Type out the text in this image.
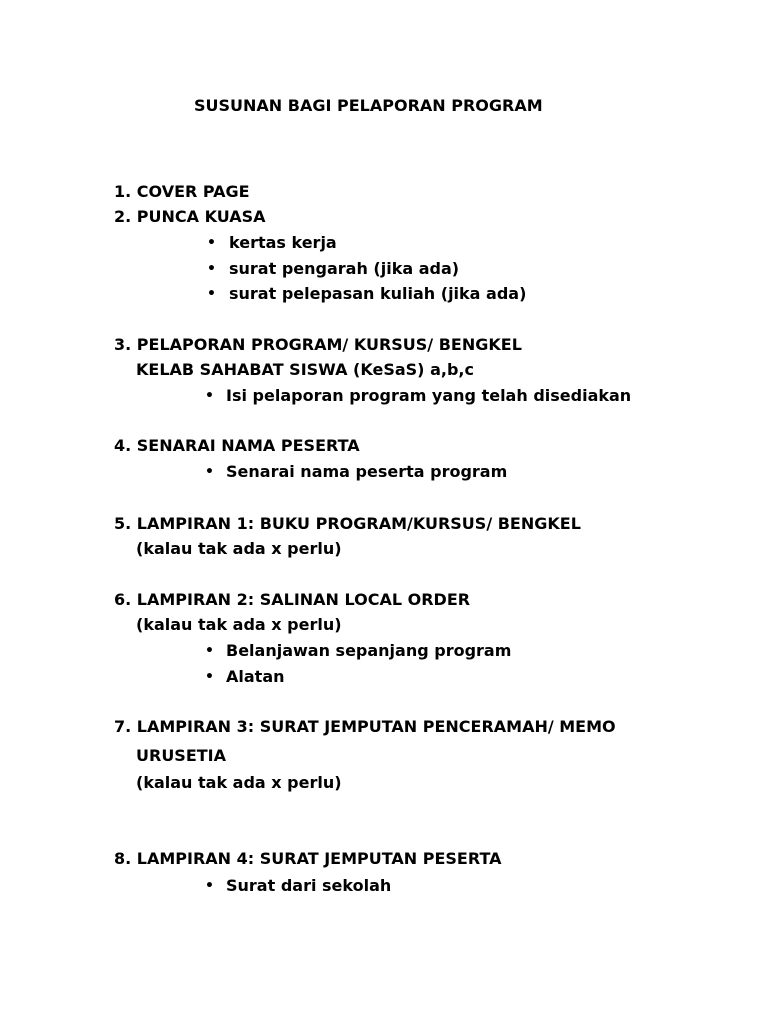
SUSUNAN BAGI PELAPORAN PROGRAM
1. COVER PAGE
2. PUNCA KUASA
• kertas kerja
• surat pengarah (jika ada)
• surat pelepasan kuliah (jika ada)
3. PELAPORAN PROGRAM/ KURSUS/ BENGKEL
KELAB SAHABAT SISWA (KeSaS) a,b,c
• Isi pelaporan program yang telah disediakan
4. SENARAI NAMA PESERTA
• Senarai nama peserta program
5. LAMPIRAN 1: BUKU PROGRAM/KURSUS/ BENGKEL
(kalau tak ada x perlu)
6. LAMPIRAN 2: SALINAN LOCAL ORDER
(kalau tak ada x perlu)
• Belanjawan sepanjang program
• Alatan
7. LAMPIRAN 3: SURAT JEMPUTAN PENCERAMAH/ MEMO
URUSETIA
(kalau tak ada x perlu)
8. LAMPIRAN 4: SURAT JEMPUTAN PESERTA
• Surat dari sekolah
